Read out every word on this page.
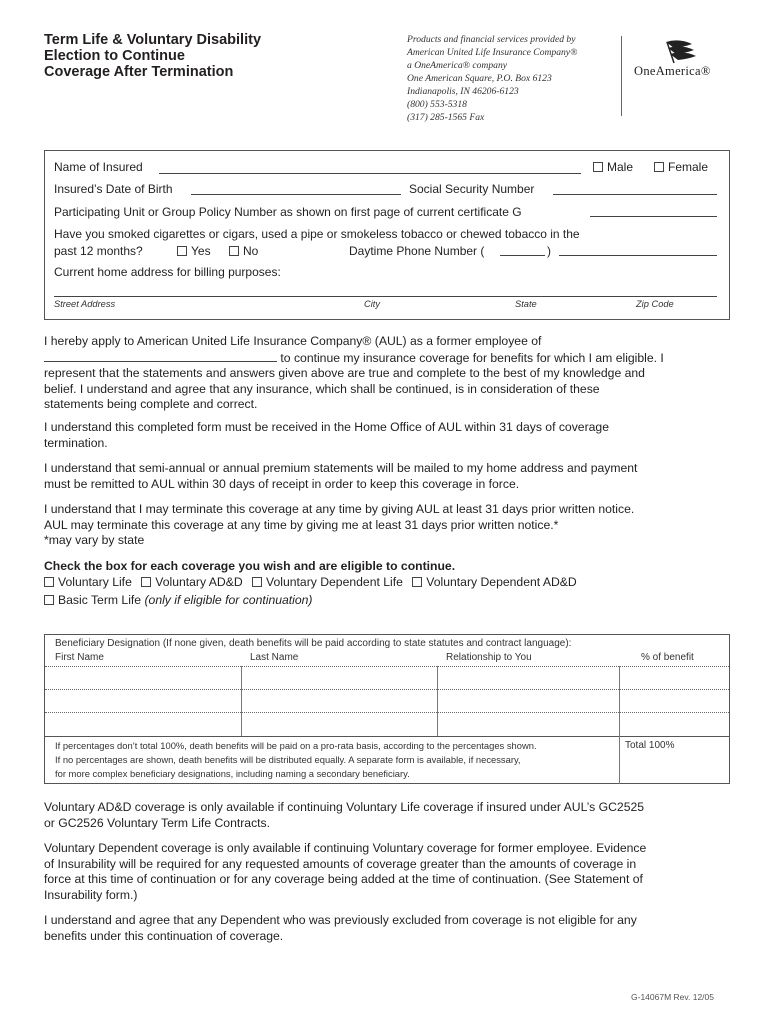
Term Life & Voluntary Disability
Election to Continue
Coverage After Termination
Products and financial services provided by
American United Life Insurance Company®
a OneAmerica® company
One American Square, P.O. Box 6123
Indianapolis, IN 46206-6123
(800) 553-5318
(317) 285-1565 Fax
OneAmerica®
Name of Insured	Male	Female
Insured’s Date of Birth	Social Security Number
Participating Unit or Group Policy Number as shown on first page of current certificate G
Have you smoked cigarettes or cigars, used a pipe or smokeless tobacco or chewed tobacco in the
past 12 months?	Yes	No	Daytime Phone Number (	)
Current home address for billing purposes:
Street Address	City	State	Zip Code
I hereby apply to American United Life Insurance Company® (AUL) as a former employee of
to continue my insurance coverage for benefits for which I am eligible. I
represent that the statements and answers given above are true and complete to the best of my knowledge and
belief. I understand and agree that any insurance, which shall be continued, is in consideration of these
statements being complete and correct.
I understand this completed form must be received in the Home Office of AUL within 31 days of coverage
termination.
I understand that semi-annual or annual premium statements will be mailed to my home address and payment
must be remitted to AUL within 30 days of receipt in order to keep this coverage in force.
I understand that I may terminate this coverage at any time by giving AUL at least 31 days prior written notice.
AUL may terminate this coverage at any time by giving me at least 31 days prior written notice.*
*may vary by state
Check the box for each coverage you wish and are eligible to continue.
Voluntary Life Voluntary AD&D Voluntary Dependent Life Voluntary Dependent AD&D
Basic Term Life (only if eligible for continuation)
Beneficiary Designation (If none given, death benefits will be paid according to state statutes and contract language):
First Name	Last Name	Relationship to You	% of benefit
If percentages don’t total 100%, death benefits will be paid on a pro-rata basis, according to the percentages shown.
If no percentages are shown, death benefits will be distributed equally. A separate form is available, if necessary,
for more complex beneficiary designations, including naming a secondary beneficiary.
Total 100%
Voluntary AD&D coverage is only available if continuing Voluntary Life coverage if insured under AUL’s GC2525
or GC2526 Voluntary Term Life Contracts.
Voluntary Dependent coverage is only available if continuing Voluntary coverage for former employee. Evidence
of Insurability will be required for any requested amounts of coverage greater than the amounts of coverage in
force at this time of continuation or for any coverage being added at the time of continuation. (See Statement of
Insurability form.)
I understand and agree that any Dependent who was previously excluded from coverage is not eligible for any
benefits under this continuation of coverage.
G-14067M Rev. 12/05
